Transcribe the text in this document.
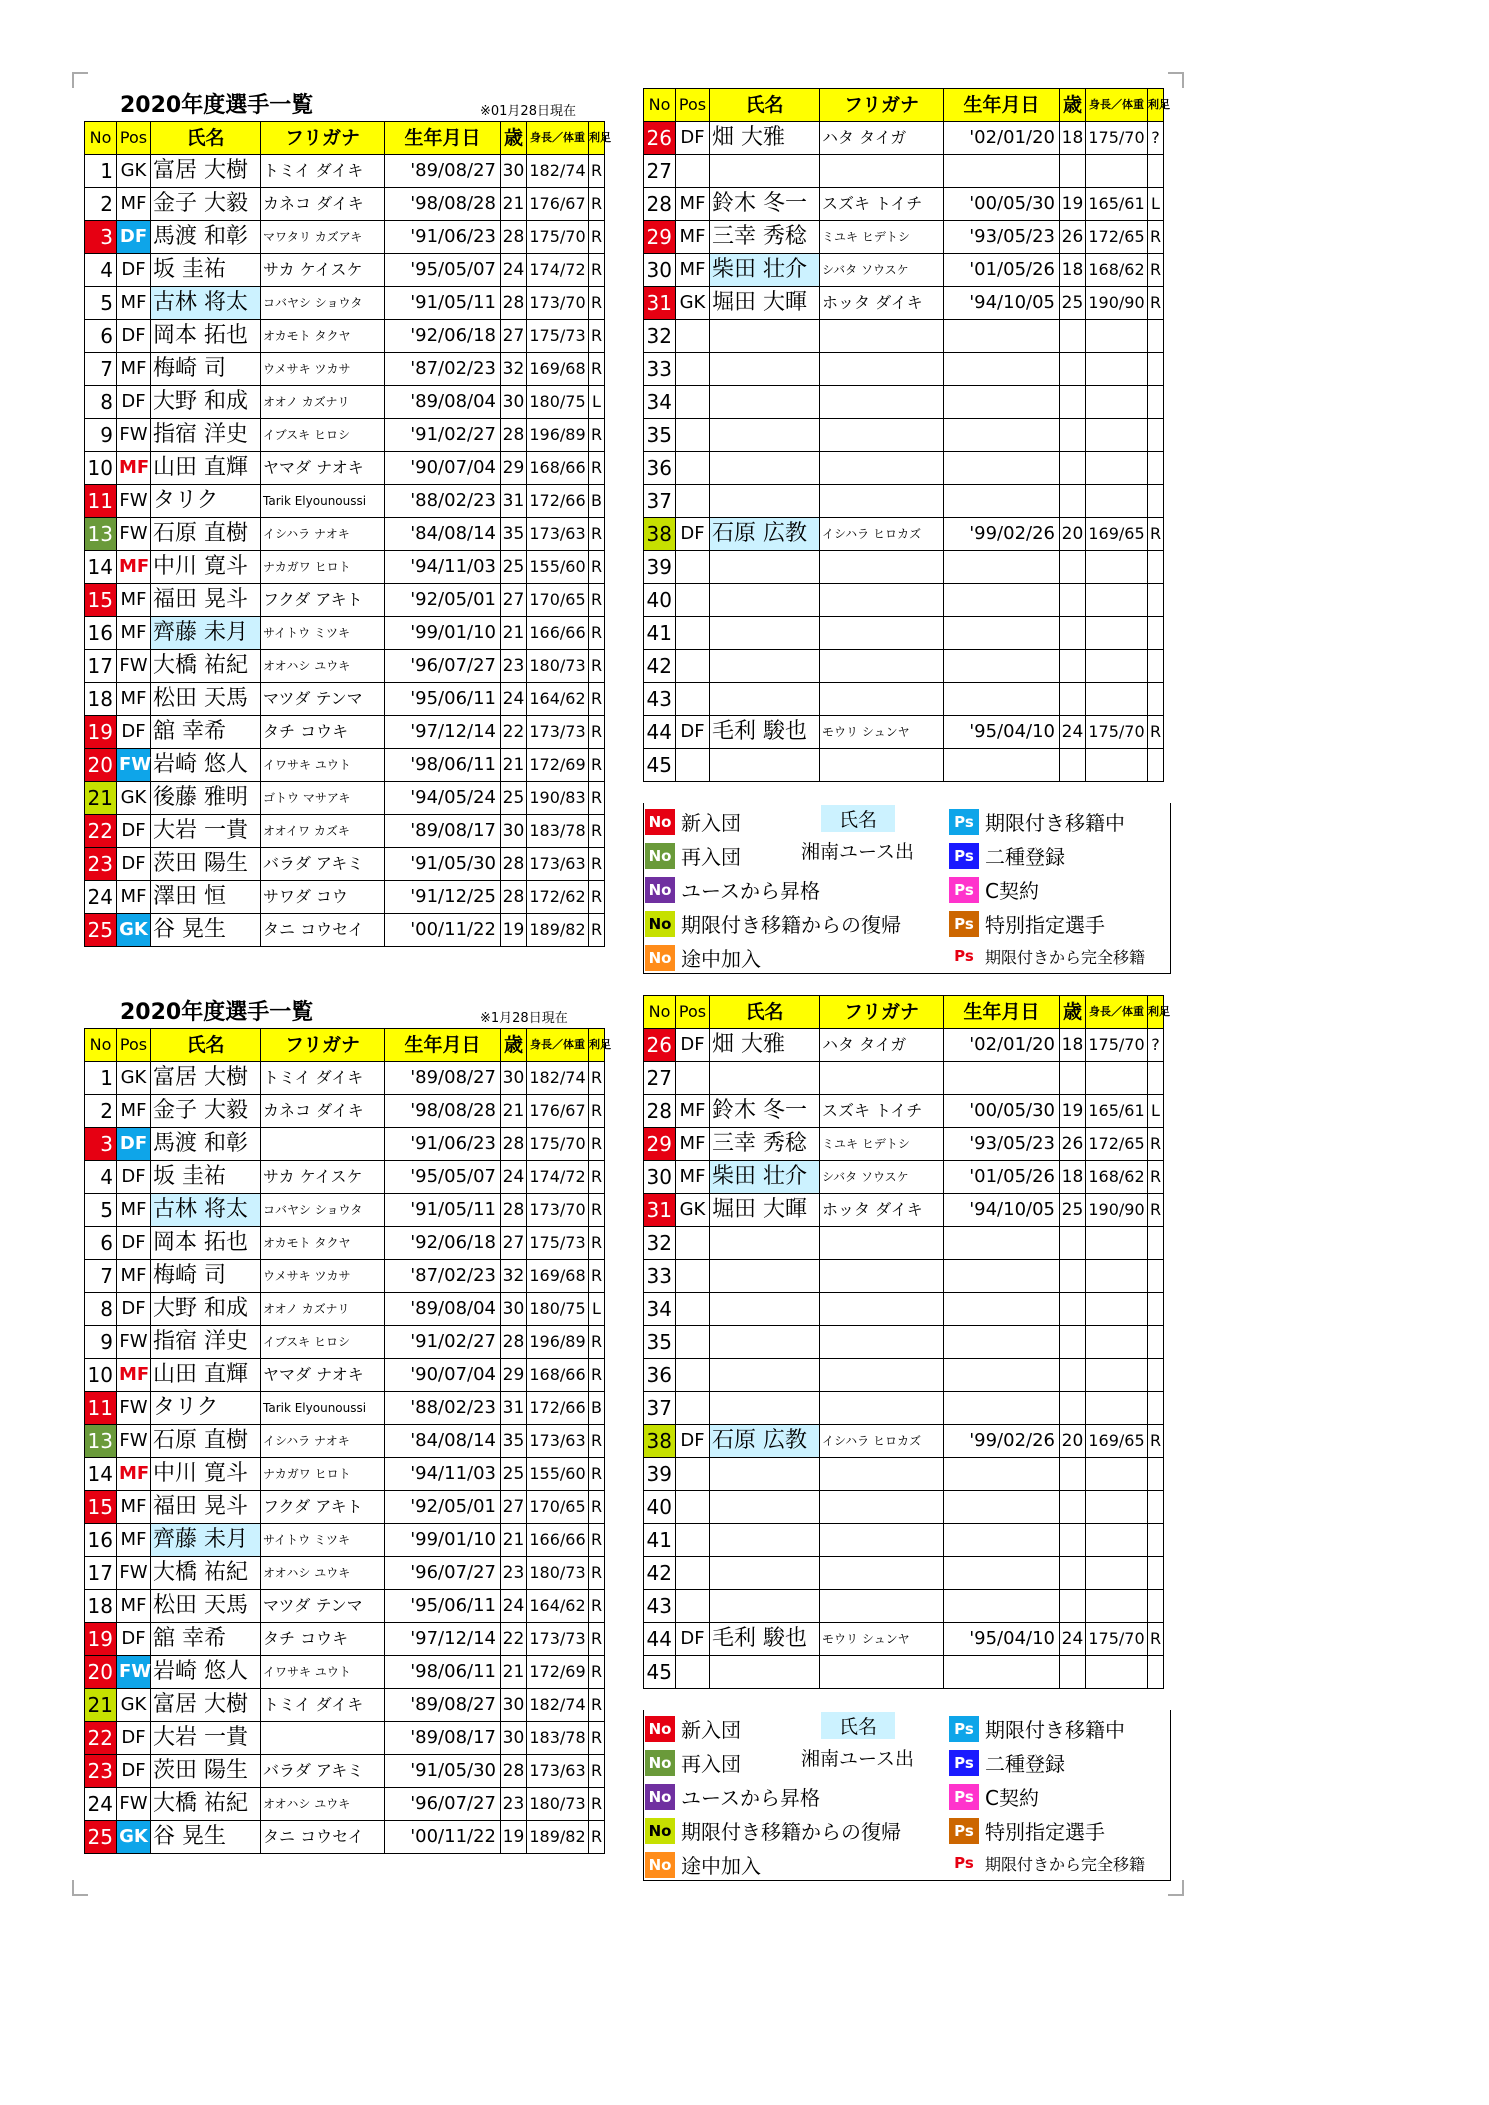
2020年度選手一覧	※01月28日現在
No	Pos	氏名	フリガナ	生年月日	歳	身長／体重	利足
1	GK	富居 大樹	トミイ ダイキ	'89/08/27	30	182/74	R
2	MF	金子 大毅	カネコ ダイキ	'98/08/28	21	176/67	R
3	DF	馬渡 和彰	マワタリ カズアキ	'91/06/23	28	175/70	R
4	DF	坂 圭祐	サカ ケイスケ	'95/05/07	24	174/72	R
5	MF	古林 将太	コバヤシ ショウタ	'91/05/11	28	173/70	R
6	DF	岡本 拓也	オカモト タクヤ	'92/06/18	27	175/73	R
7	MF	梅崎 司	ウメサキ ツカサ	'87/02/23	32	169/68	R
8	DF	大野 和成	オオノ カズナリ	'89/08/04	30	180/75	L
9	FW	指宿 洋史	イブスキ ヒロシ	'91/02/27	28	196/89	R
10	MF	山田 直輝	ヤマダ ナオキ	'90/07/04	29	168/66	R
11	FW	タリク	Tarik Elyounoussi	'88/02/23	31	172/66	B
13	FW	石原 直樹	イシハラ ナオキ	'84/08/14	35	173/63	R
14	MF	中川 寛斗	ナカガワ ヒロト	'94/11/03	25	155/60	R
15	MF	福田 晃斗	フクダ アキト	'92/05/01	27	170/65	R
16	MF	齊藤 未月	サイトウ ミツキ	'99/01/10	21	166/66	R
17	FW	大橋 祐紀	オオハシ ユウキ	'96/07/27	23	180/73	R
18	MF	松田 天馬	マツダ テンマ	'95/06/11	24	164/62	R
19	DF	舘 幸希	タチ コウキ	'97/12/14	22	173/73	R
20	FW	岩崎 悠人	イワサキ ユウト	'98/06/11	21	172/69	R
21	GK	後藤 雅明	ゴトウ マサアキ	'94/05/24	25	190/83	R
22	DF	大岩 一貴	オオイワ カズキ	'89/08/17	30	183/78	R
23	DF	茨田 陽生	バラダ アキミ	'91/05/30	28	173/63	R
24	MF	澤田 恒	サワダ コウ	'91/12/25	28	172/62	R
25	GK	谷 晃生	タニ コウセイ	'00/11/22	19	189/82	R
No	Pos	氏名	フリガナ	生年月日	歳	身長／体重	利足
26	DF	畑 大雅	ハタ タイガ	'02/01/20	18	175/70	?
27							
28	MF	鈴木 冬一	スズキ トイチ	'00/05/30	19	165/61	L
29	MF	三幸 秀稔	ミユキ ヒデトシ	'93/05/23	26	172/65	R
30	MF	柴田 壮介	シバタ ソウスケ	'01/05/26	18	168/62	R
31	GK	堀田 大暉	ホッタ ダイキ	'94/10/05	25	190/90	R
32							
33							
34							
35							
36							
37							
38	DF	石原 広教	イシハラ ヒロカズ	'99/02/26	20	169/65	R
39							
40							
41							
42							
43							
44	DF	毛利 駿也	モウリ シュンヤ	'95/04/10	24	175/70	R
45							
No 新入団
No 再入団
No ユースから昇格
No 期限付き移籍からの復帰
No 途中加入
氏名
湘南ユース出
Ps 期限付き移籍中
Ps 二種登録
Ps C契約
Ps 特別指定選手
Ps 期限付きから完全移籍
2020年度選手一覧	※1月28日現在
No	Pos	氏名	フリガナ	生年月日	歳	身長／体重	利足
1	GK	富居 大樹	トミイ ダイキ	'89/08/27	30	182/74	R
2	MF	金子 大毅	カネコ ダイキ	'98/08/28	21	176/67	R
3	DF	馬渡 和彰		'91/06/23	28	175/70	R
4	DF	坂 圭祐	サカ ケイスケ	'95/05/07	24	174/72	R
5	MF	古林 将太	コバヤシ ショウタ	'91/05/11	28	173/70	R
6	DF	岡本 拓也	オカモト タクヤ	'92/06/18	27	175/73	R
7	MF	梅崎 司	ウメサキ ツカサ	'87/02/23	32	169/68	R
8	DF	大野 和成	オオノ カズナリ	'89/08/04	30	180/75	L
9	FW	指宿 洋史	イブスキ ヒロシ	'91/02/27	28	196/89	R
10	MF	山田 直輝	ヤマダ ナオキ	'90/07/04	29	168/66	R
11	FW	タリク	Tarik Elyounoussi	'88/02/23	31	172/66	B
13	FW	石原 直樹	イシハラ ナオキ	'84/08/14	35	173/63	R
14	MF	中川 寛斗	ナカガワ ヒロト	'94/11/03	25	155/60	R
15	MF	福田 晃斗	フクダ アキト	'92/05/01	27	170/65	R
16	MF	齊藤 未月	サイトウ ミツキ	'99/01/10	21	166/66	R
17	FW	大橋 祐紀	オオハシ ユウキ	'96/07/27	23	180/73	R
18	MF	松田 天馬	マツダ テンマ	'95/06/11	24	164/62	R
19	DF	舘 幸希	タチ コウキ	'97/12/14	22	173/73	R
20	FW	岩崎 悠人	イワサキ ユウト	'98/06/11	21	172/69	R
21	GK	富居 大樹	トミイ ダイキ	'89/08/27	30	182/74	R
22	DF	大岩 一貴		'89/08/17	30	183/78	R
23	DF	茨田 陽生	バラダ アキミ	'91/05/30	28	173/63	R
24	FW	大橋 祐紀	オオハシ ユウキ	'96/07/27	23	180/73	R
25	GK	谷 晃生	タニ コウセイ	'00/11/22	19	189/82	R
No	Pos	氏名	フリガナ	生年月日	歳	身長／体重	利足
26	DF	畑 大雅	ハタ タイガ	'02/01/20	18	175/70	?
27							
28	MF	鈴木 冬一	スズキ トイチ	'00/05/30	19	165/61	L
29	MF	三幸 秀稔	ミユキ ヒデトシ	'93/05/23	26	172/65	R
30	MF	柴田 壮介	シバタ ソウスケ	'01/05/26	18	168/62	R
31	GK	堀田 大暉	ホッタ ダイキ	'94/10/05	25	190/90	R
32							
33							
34							
35							
36							
37							
38	DF	石原 広教	イシハラ ヒロカズ	'99/02/26	20	169/65	R
39							
40							
41							
42							
43							
44	DF	毛利 駿也	モウリ シュンヤ	'95/04/10	24	175/70	R
45							
No 新入団
No 再入団
No ユースから昇格
No 期限付き移籍からの復帰
No 途中加入
氏名
湘南ユース出
Ps 期限付き移籍中
Ps 二種登録
Ps C契約
Ps 特別指定選手
Ps 期限付きから完全移籍
